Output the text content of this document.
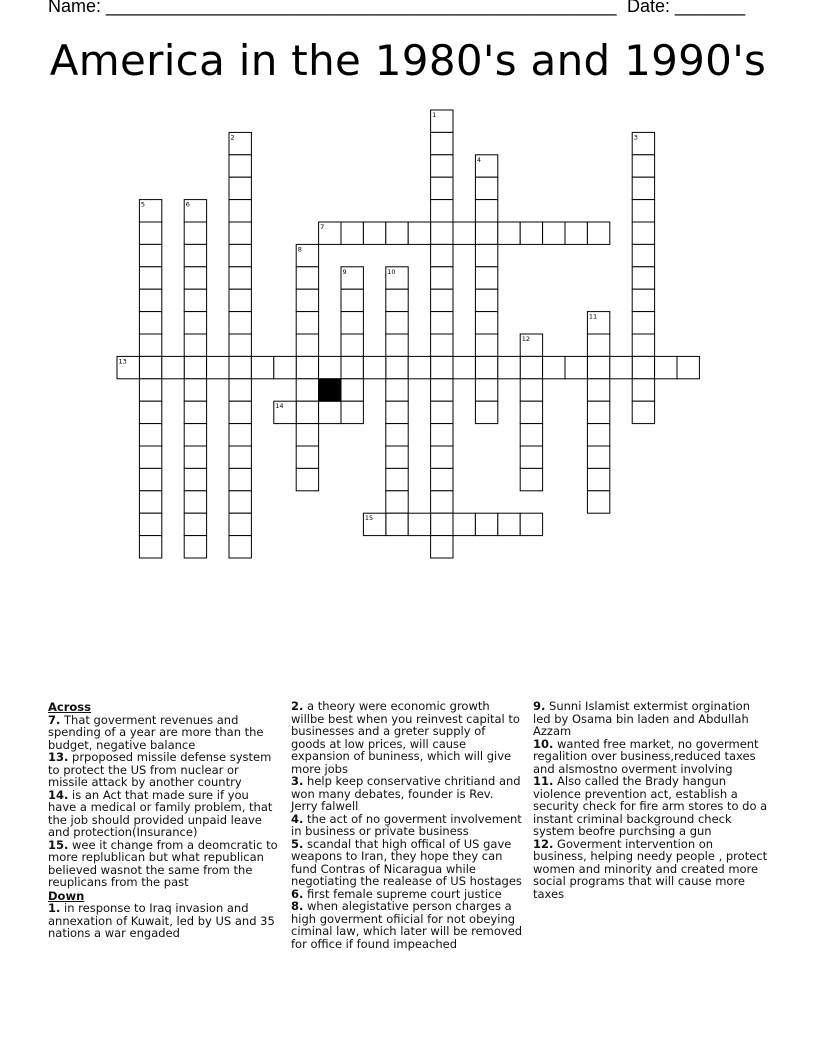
Name: ___________________________________________________ Date: _______
America in the 1980's and 1990's
1
2	3
4
5	6
7
8
9	10
11
12
13
14
15
Across
7. That goverment revenues and spending of a year are more than the budget, negative balance
13. prpoposed missile defense system to protect the US from nuclear or missile attack by another country
14. is an Act that made sure if you have a medical or family problem, that the job should provided unpaid leave and protection(Insurance)
15. wee it change from a deomcratic to more replublican but what republican believed wasnot the same from the reuplicans from the past
Down
1. in response to Iraq invasion and annexation of Kuwait, led by US and 35 nations a war engaded
2. a theory were economic growth willbe best when you reinvest capital to businesses and a greter supply of goods at low prices, will cause expansion of buniness, which will give more jobs
3. help keep conservative chritiand and won many debates, founder is Rev. Jerry falwell
4. the act of no goverment involvement in business or private business
5. scandal that high offical of US gave weapons to Iran, they hope they can fund Contras of Nicaragua while negotiating the realease of US hostages
6. first female supreme court justice
8. when alegistative person charges a high goverment ofiicial for not obeying ciminal law, which later will be removed for office if found impeached
9. Sunni Islamist extermist orgination led by Osama bin laden and Abdullah Azzam
10. wanted free market, no goverment regalition over business,reduced taxes and alsmostno overment involving
11. Also called the Brady hangun violence prevention act, establish a security check for fire arm stores to do a instant criminal background check system beofre purchsing a gun
12. Goverment intervention on business, helping needy people , protect women and minority and created more social programs that will cause more taxes
